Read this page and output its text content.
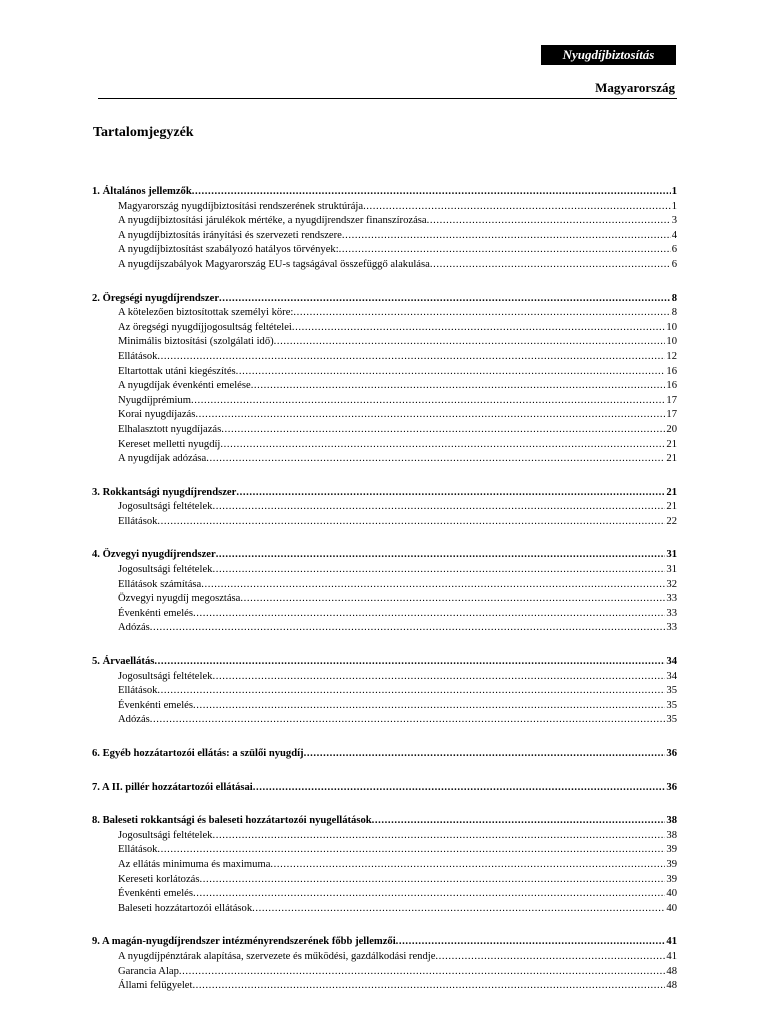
Nyugdíjbiztosítás
Magyarország
Tartalomjegyzék
1. Általános jellemzők .....	1
Magyarország nyugdíjbiztosítási rendszerének struktúrája .....	1
A nyugdíjbiztosítási járulékok mértéke, a nyugdíjrendszer finanszírozása .....	3
A nyugdíjbiztosítás irányítási és szervezeti rendszere .....	4
A nyugdíjbiztosítást szabályozó hatályos törvények: .....	6
A nyugdíjszabályok Magyarország EU-s tagságával összefüggő alakulása .....	6
2. Öregségi nyugdíjrendszer .....	8
A kötelezően biztosítottak személyi köre: .....	8
Az öregségi nyugdíjjogosultság feltételei .....	10
Minimális biztosítási (szolgálati idő) .....	10
Ellátások .....	12
Eltartottak utáni kiegészítés .....	16
A nyugdíjak évenkénti emelése .....	16
Nyugdíjprémium .....	17
Korai nyugdíjazás .....	17
Elhalasztott nyugdíjazás .....	20
Kereset melletti nyugdíj .....	21
A nyugdíjak adózása .....	21
3. Rokkantsági nyugdíjrendszer .....	21
Jogosultsági feltételek .....	21
Ellátások .....	22
4. Özvegyi nyugdíjrendszer .....	31
Jogosultsági feltételek .....	31
Ellátások számítása .....	32
Özvegyi nyugdíj megosztása .....	33
Évenkénti emelés .....	33
Adózás .....	33
5. Árvaellátás .....	34
Jogosultsági feltételek .....	34
Ellátások .....	35
Évenkénti emelés .....	35
Adózás .....	35
6. Egyéb hozzátartozói ellátás: a szülői nyugdíj .....	36
7. A II. pillér hozzátartozói ellátásai .....	36
8. Baleseti rokkantsági és baleseti hozzátartozói nyugellátások .....	38
Jogosultsági feltételek .....	38
Ellátások .....	39
Az ellátás minimuma és maximuma .....	39
Kereseti korlátozás .....	39
Évenkénti emelés .....	40
Baleseti hozzátartozói ellátások .....	40
9. A magán-nyugdíjrendszer intézményrendszerének főbb jellemzői .....	41
A nyugdíjpénztárak alapítása, szervezete és működési, gazdálkodási rendje .....	41
Garancia Alap .....	48
Állami felügyelet .....	48
